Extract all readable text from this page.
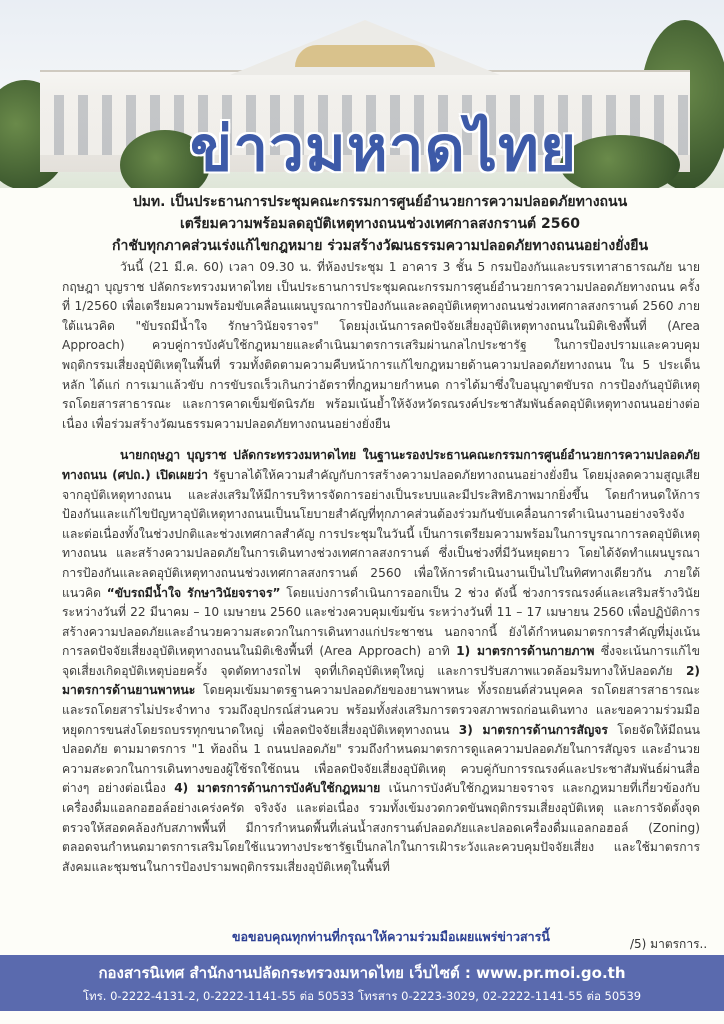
ข่าวมหาดไทย
ปมท. เป็นประธานการประชุมคณะกรรมการศูนย์อำนวยการความปลอดภัยทางถนน
เตรียมความพร้อมลดอุบัติเหตุทางถนนช่วงเทศกาลสงกรานต์ 2560
กำชับทุกภาคส่วนเร่งแก้ไขกฎหมาย ร่วมสร้างวัฒนธรรมความปลอดภัยทางถนนอย่างยั่งยืน

วันนี้ (21 มี.ค. 60) เวลา 09.30 น. ที่ห้องประชุม 1 อาคาร 3 ชั้น 5 กรมป้องกันและบรรเทาสาธารณภัย นายกฤษฎา บุญราช ปลัดกระทรวงมหาดไทย เป็นประธานการประชุมคณะกรรมการศูนย์อำนวยการความปลอดภัยทางถนน ครั้งที่ 1/2560 เพื่อเตรียมความพร้อมขับเคลื่อนแผนบูรณาการป้องกันและลดอุบัติเหตุทางถนนช่วงเทศกาลสงกรานต์ 2560 ภายใต้แนวคิด "ขับรถมีน้ำใจ รักษาวินัยจราจร" โดยมุ่งเน้นการลดปัจจัยเสี่ยงอุบัติเหตุทางถนนในมิติเชิงพื้นที่ (Area Approach) ควบคู่การบังคับใช้กฎหมายและดำเนินมาตรการเสริมผ่านกลไกประชารัฐ ในการป้องปรามและควบคุมพฤติกรรมเสี่ยงอุบัติเหตุในพื้นที่ รวมทั้งติดตามความคืบหน้าการแก้ไขกฎหมายด้านความปลอดภัยทางถนน ใน 5 ประเด็นหลัก ได้แก่ การเมาแล้วขับ การขับรถเร็วเกินกว่าอัตราที่กฎหมายกำหนด การได้มาซึ่งใบอนุญาตขับรถ การป้องกันอุบัติเหตุรถโดยสารสาธารณะ และการคาดเข็มขัดนิรภัย พร้อมเน้นย้ำให้จังหวัดรณรงค์ประชาสัมพันธ์ลดอุบัติเหตุทางถนนอย่างต่อเนื่อง เพื่อร่วมสร้างวัฒนธรรมความปลอดภัยทางถนนอย่างยั่งยืน

นายกฤษฎา บุญราช ปลัดกระทรวงมหาดไทย ในฐานะรองประธานคณะกรรมการศูนย์อำนวยการความปลอดภัยทางถนน (ศปถ.) เปิดเผยว่า รัฐบาลได้ให้ความสำคัญกับการสร้างความปลอดภัยทางถนนอย่างยั่งยืน โดยมุ่งลดความสูญเสียจากอุบัติเหตุทางถนน และส่งเสริมให้มีการบริหารจัดการอย่างเป็นระบบและมีประสิทธิภาพมากยิ่งขึ้น โดยกำหนดให้การป้องกันและแก้ไขปัญหาอุบัติเหตุทางถนนเป็นนโยบายสำคัญที่ทุกภาคส่วนต้องร่วมกันขับเคลื่อนการดำเนินงานอย่างจริงจังและต่อเนื่องทั้งในช่วงปกติและช่วงเทศกาลสำคัญ การประชุมในวันนี้ เป็นการเตรียมความพร้อมในการบูรณาการลดอุบัติเหตุทางถนน และสร้างความปลอดภัยในการเดินทางช่วงเทศกาลสงกรานต์ ซึ่งเป็นช่วงที่มีวันหยุดยาว โดยได้จัดทำแผนบูรณาการป้องกันและลดอุบัติเหตุทางถนนช่วงเทศกาลสงกรานต์ 2560 เพื่อให้การดำเนินงานเป็นไปในทิศทางเดียวกัน ภายใต้แนวคิด “ขับรถมีน้ำใจ รักษาวินัยจราจร” โดยแบ่งการดำเนินการออกเป็น 2 ช่วง ดังนี้ ช่วงการรณรงค์และเสริมสร้างวินัย ระหว่างวันที่ 22 มีนาคม – 10 เมษายน 2560 และช่วงควบคุมเข้มข้น ระหว่างวันที่ 11 – 17 เมษายน 2560 เพื่อปฏิบัติการสร้างความปลอดภัยและอำนวยความสะดวกในการเดินทางแก่ประชาชน นอกจากนี้ ยังได้กำหนดมาตรการสำคัญที่มุ่งเน้นการลดปัจจัยเสี่ยงอุบัติเหตุทางถนนในมิติเชิงพื้นที่ (Area Approach) อาทิ 1) มาตรการด้านกายภาพ ซึ่งจะเน้นการแก้ไขจุดเสี่ยงเกิดอุบัติเหตุบ่อยครั้ง จุดตัดทางรถไฟ จุดที่เกิดอุบัติเหตุใหญ่ และการปรับสภาพแวดล้อมริมทางให้ปลอดภัย 2) มาตรการด้านยานพาหนะ โดยคุมเข้มมาตรฐานความปลอดภัยของยานพาหนะ ทั้งรถยนต์ส่วนบุคคล รถโดยสารสาธารณะ และรถโดยสารไม่ประจำทาง รวมถึงอุปกรณ์ส่วนควบ พร้อมทั้งส่งเสริมการตรวจสภาพรถก่อนเดินทาง และขอความร่วมมือหยุดการขนส่งโดยรถบรรทุกขนาดใหญ่ เพื่อลดปัจจัยเสี่ยงอุบัติเหตุทางถนน 3) มาตรการด้านการสัญจร โดยจัดให้มีถนนปลอดภัย ตามมาตรการ "1 ท้องถิ่น 1 ถนนปลอดภัย" รวมถึงกำหนดมาตรการดูแลความปลอดภัยในการสัญจร และอำนวยความสะดวกในการเดินทางของผู้ใช้รถใช้ถนน เพื่อลดปัจจัยเสี่ยงอุบัติเหตุ ควบคู่กับการรณรงค์และประชาสัมพันธ์ผ่านสื่อต่างๆ อย่างต่อเนื่อง 4) มาตรการด้านการบังคับใช้กฎหมาย เน้นการบังคับใช้กฎหมายจราจร และกฎหมายที่เกี่ยวข้องกับเครื่องดื่มแอลกอฮอล์อย่างเคร่งครัด จริงจัง และต่อเนื่อง รวมทั้งเข้มงวดกวดขันพฤติกรรมเสี่ยงอุบัติเหตุ และการจัดตั้งจุดตรวจให้สอดคล้องกับสภาพพื้นที่ มีการกำหนดพื้นที่เล่นน้ำสงกรานต์ปลอดภัยและปลอดเครื่องดื่มแอลกอฮอล์ (Zoning) ตลอดจนกำหนดมาตรการเสริมโดยใช้แนวทางประชารัฐเป็นกลไกในการเฝ้าระวังและควบคุมปัจจัยเสี่ยง และใช้มาตรการสังคมและชุมชนในการป้องปรามพฤติกรรมเสี่ยงอุบัติเหตุในพื้นที่

ขอขอบคุณทุกท่านที่กรุณาให้ความร่วมมือเผยแพร่ข่าวสารนี้	/5) มาตรการ..
กองสารนิเทศ สำนักงานปลัดกระทรวงมหาดไทย เว็บไซต์ : www.pr.moi.go.th
โทร. 0-2222-4131-2, 0-2222-1141-55 ต่อ 50533 โทรสาร 0-2223-3029, 02-2222-1141-55 ต่อ 50539
